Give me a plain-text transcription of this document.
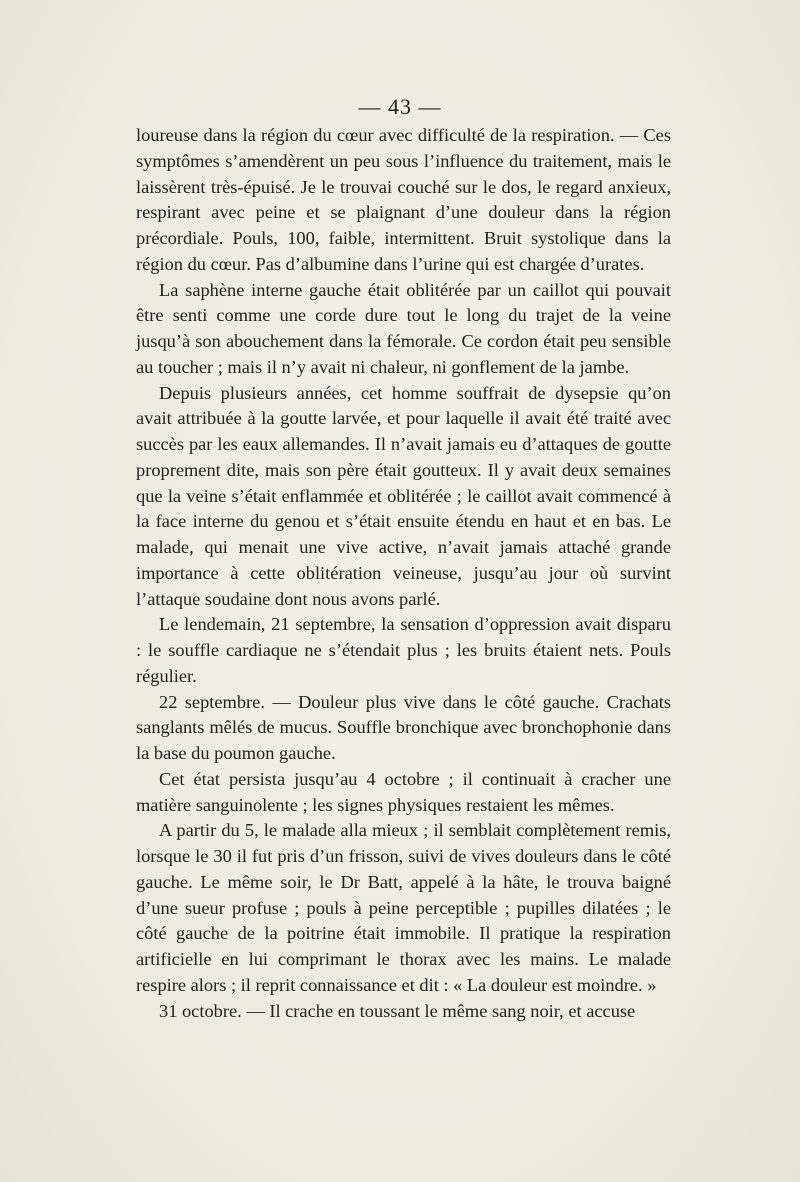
— 43 —

loureuse dans la région du cœur avec difficulté de la respiration. — Ces symptômes s’amendèrent un peu sous l’influence du traitement, mais le laissèrent très-épuisé. Je le trouvai couché sur le dos, le regard anxieux, respirant avec peine et se plaignant d’une douleur dans la région précordiale. Pouls, 100, faible, intermittent. Bruit systolique dans la région du cœur. Pas d’albumine dans l’urine qui est chargée d’urates.

La saphène interne gauche était oblitérée par un caillot qui pouvait être senti comme une corde dure tout le long du trajet de la veine jusqu’à son abouchement dans la fémorale. Ce cordon était peu sensible au toucher ; mais il n’y avait ni chaleur, ni gonflement de la jambe.

Depuis plusieurs années, cet homme souffrait de dysepsie qu’on avait attribuée à la goutte larvée, et pour laquelle il avait été traité avec succès par les eaux allemandes. Il n’avait jamais eu d’attaques de goutte proprement dite, mais son père était goutteux. Il y avait deux semaines que la veine s’était enflammée et oblitérée ; le caillot avait commencé à la face interne du genou et s’était ensuite étendu en haut et en bas. Le malade, qui menait une vive active, n’avait jamais attaché grande importance à cette oblitération veineuse, jusqu’au jour où survint l’attaque soudaine dont nous avons parlé.

Le lendemain, 21 septembre, la sensation d’oppression avait disparu : le souffle cardiaque ne s’étendait plus ; les bruits étaient nets. Pouls régulier.

22 septembre. — Douleur plus vive dans le côté gauche. Crachats sanglants mêlés de mucus. Souffle bronchique avec bronchophonie dans la base du poumon gauche.

Cet état persista jusqu’au 4 octobre ; il continuait à cracher une matière sanguinolente ; les signes physiques restaient les mêmes.

A partir du 5, le malade alla mieux ; il semblait complètement remis, lorsque le 30 il fut pris d’un frisson, suivi de vives douleurs dans le côté gauche. Le même soir, le Dr Batt, appelé à la hâte, le trouva baigné d’une sueur profuse ; pouls à peine perceptible ; pupilles dilatées ; le côté gauche de la poitrine était immobile. Il pratique la respiration artificielle en lui comprimant le thorax avec les mains. Le malade respire alors ; il reprit connaissance et dit : « La douleur est moindre. »

31 octobre. — Il crache en toussant le même sang noir, et accuse
